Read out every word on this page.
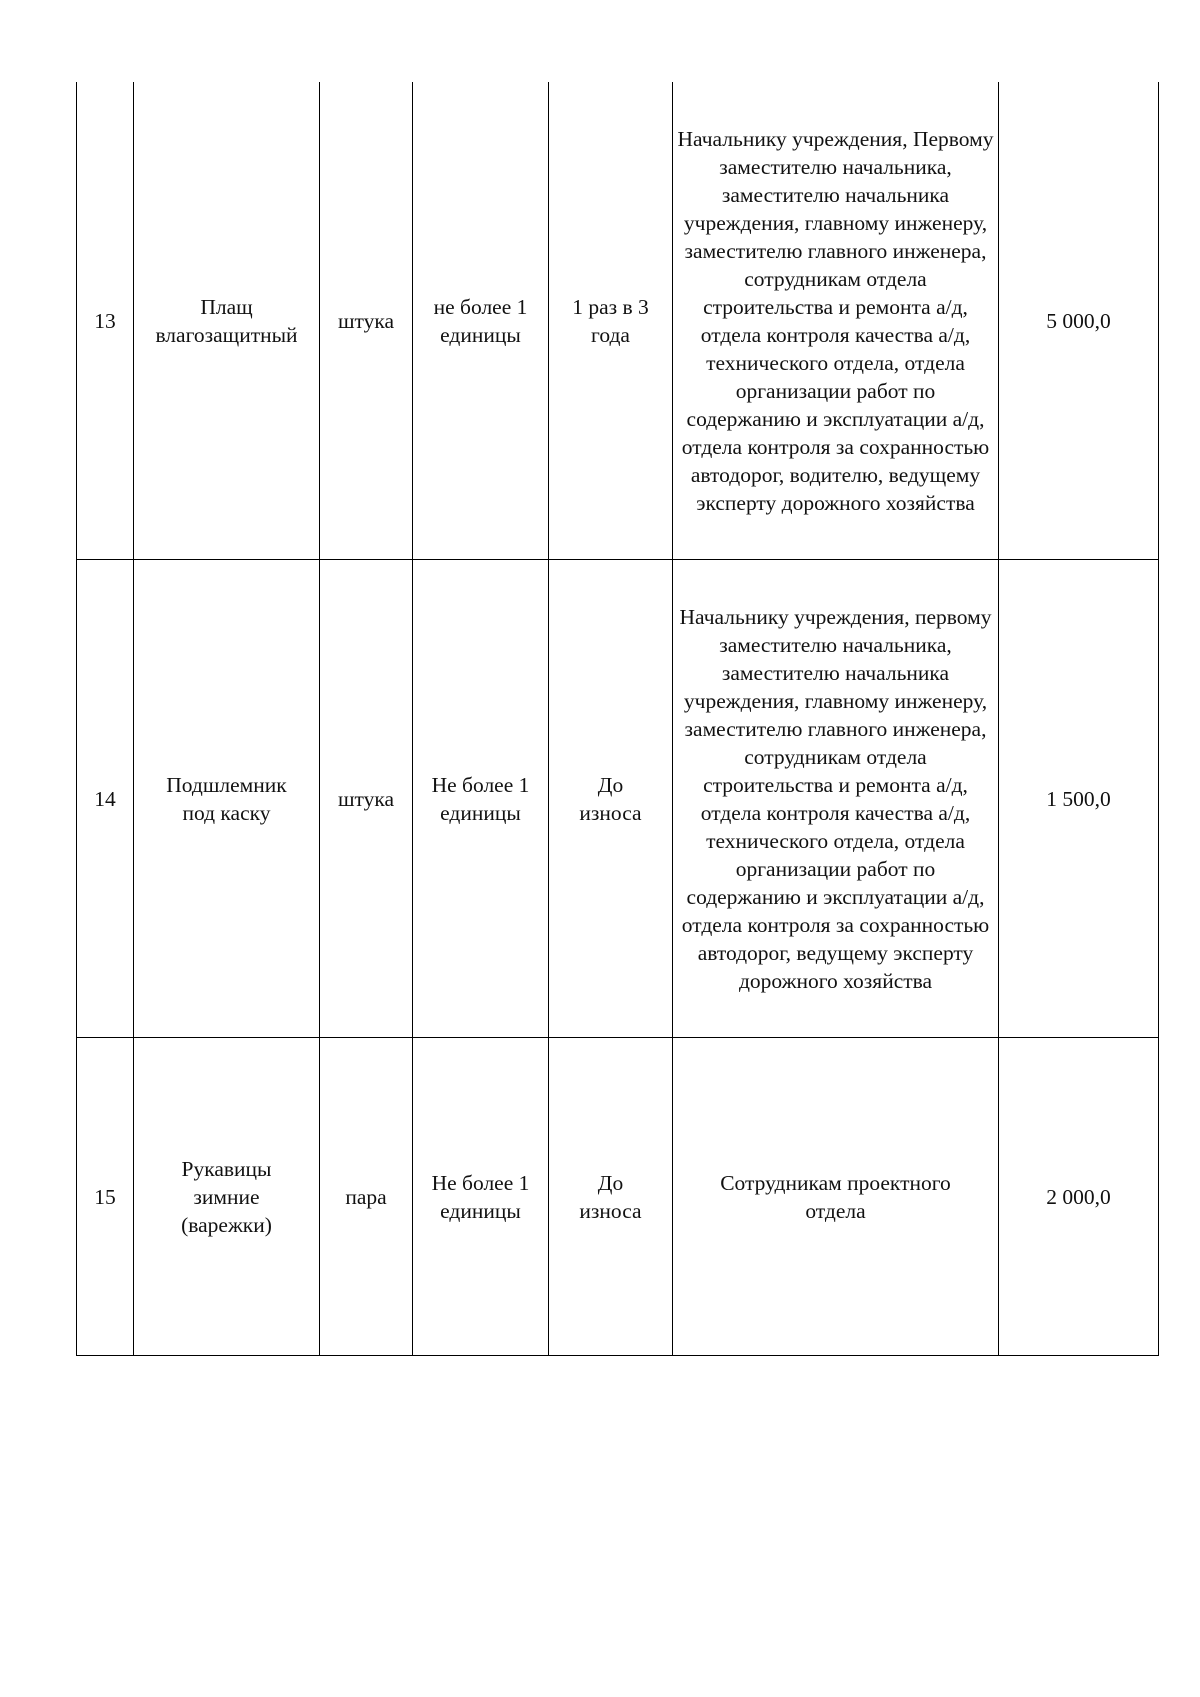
13	Плащ влагозащитный	штука	не более 1 единицы	1 раз в 3 года	Начальнику учреждения, Первому заместителю начальника, заместителю начальника учреждения, главному инженеру, заместителю главного инженера, сотрудникам отдела строительства и ремонта а/д, отдела контроля качества а/д, технического отдела, отдела организации работ по содержанию и эксплуатации а/д, отдела контроля за сохранностью автодорог, водителю, ведущему эксперту дорожного хозяйства	5 000,0

14	Подшлемник под каску	штука	Не более 1 единицы	До износа	Начальнику учреждения, первому заместителю начальника, заместителю начальника учреждения, главному инженеру, заместителю главного инженера, сотрудникам отдела строительства и ремонта а/д, отдела контроля качества а/д, технического отдела, отдела организации работ по содержанию и эксплуатации а/д, отдела контроля за сохранностью автодорог, ведущему эксперту дорожного хозяйства	1 500,0

15	Рукавицы зимние (варежки)	пара	Не более 1 единицы	До износа	Сотрудникам проектного отдела	2 000,0
